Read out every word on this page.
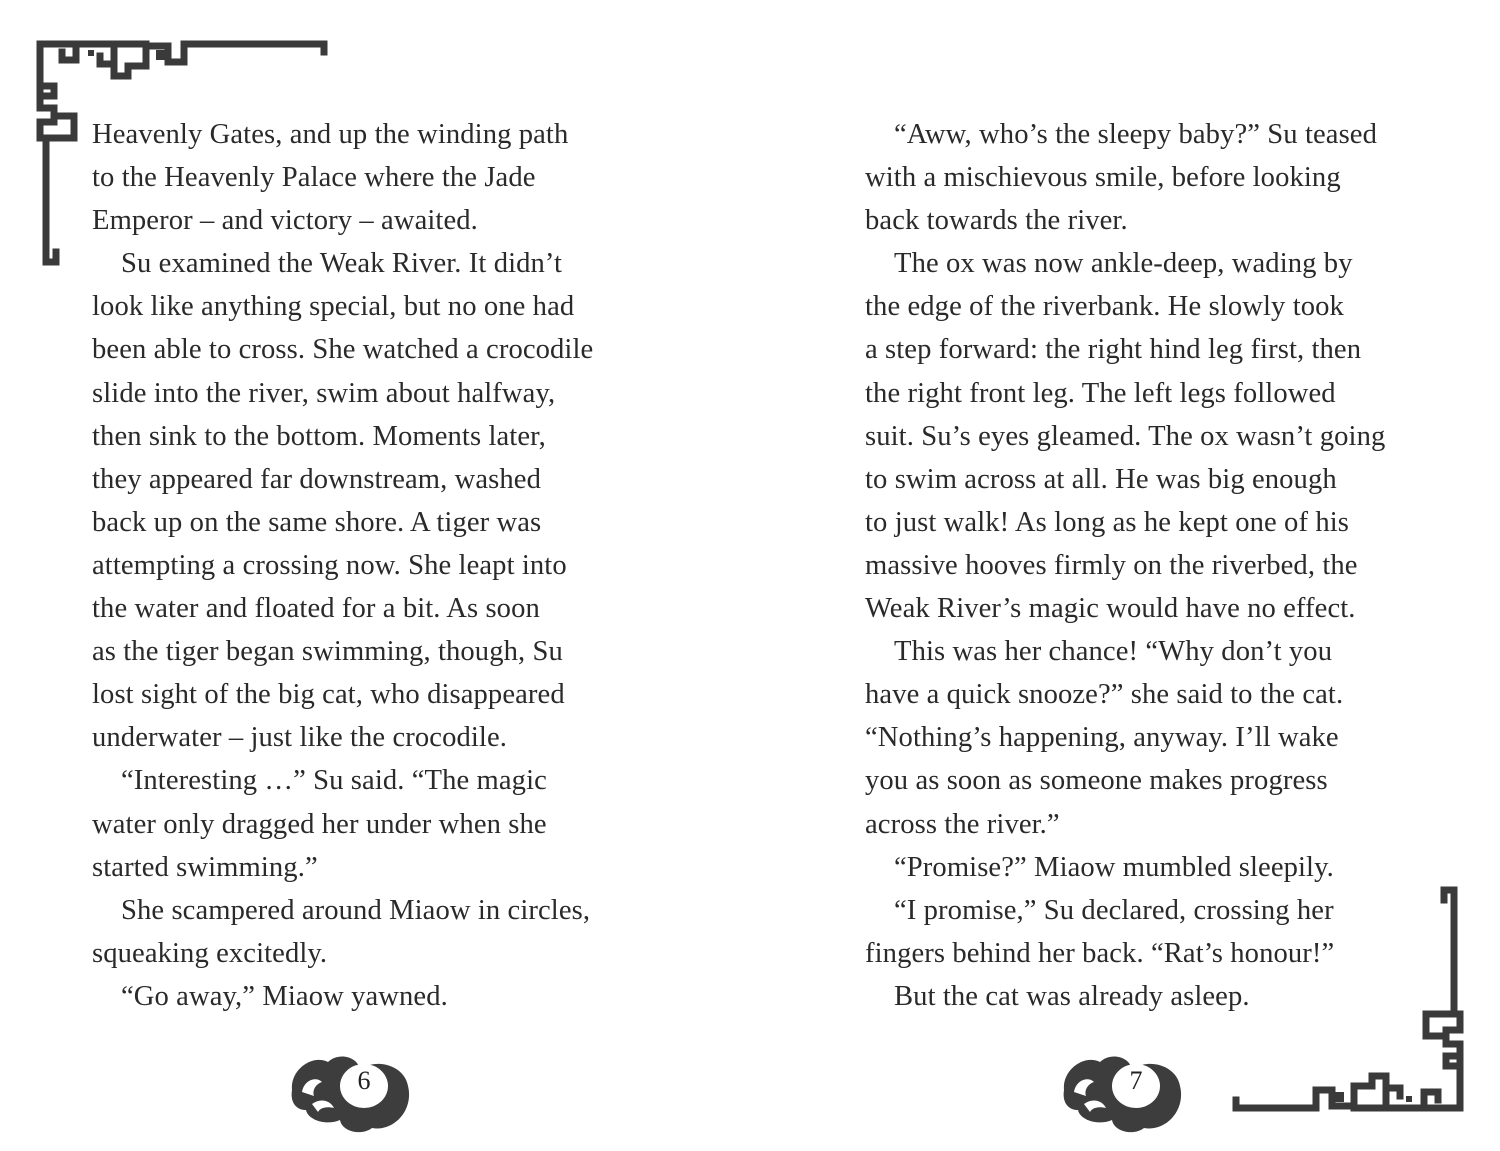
Heavenly Gates, and up the winding path
to the Heavenly Palace where the Jade
Emperor – and victory – awaited.
Su examined the Weak River. It didn’t
look like anything special, but no one had
been able to cross. She watched a crocodile
slide into the river, swim about halfway,
then sink to the bottom. Moments later,
they appeared far downstream, washed
back up on the same shore. A tiger was
attempting a crossing now. She leapt into
the water and floated for a bit. As soon
as the tiger began swimming, though, Su
lost sight of the big cat, who disappeared
underwater – just like the crocodile.
“Interesting …” Su said. “The magic
water only dragged her under when she
started swimming.”
She scampered around Miaow in circles,
squeaking excitedly.
“Go away,” Miaow yawned.
6
“Aww, who’s the sleepy baby?” Su teased
with a mischievous smile, before looking
back towards the river.
The ox was now ankle-deep, wading by
the edge of the riverbank. He slowly took
a step forward: the right hind leg first, then
the right front leg. The left legs followed
suit. Su’s eyes gleamed. The ox wasn’t going
to swim across at all. He was big enough
to just walk! As long as he kept one of his
massive hooves firmly on the riverbed, the
Weak River’s magic would have no effect.
This was her chance! “Why don’t you
have a quick snooze?” she said to the cat.
“Nothing’s happening, anyway. I’ll wake
you as soon as someone makes progress
across the river.”
“Promise?” Miaow mumbled sleepily.
“I promise,” Su declared, crossing her
fingers behind her back. “Rat’s honour!”
But the cat was already asleep.
7
